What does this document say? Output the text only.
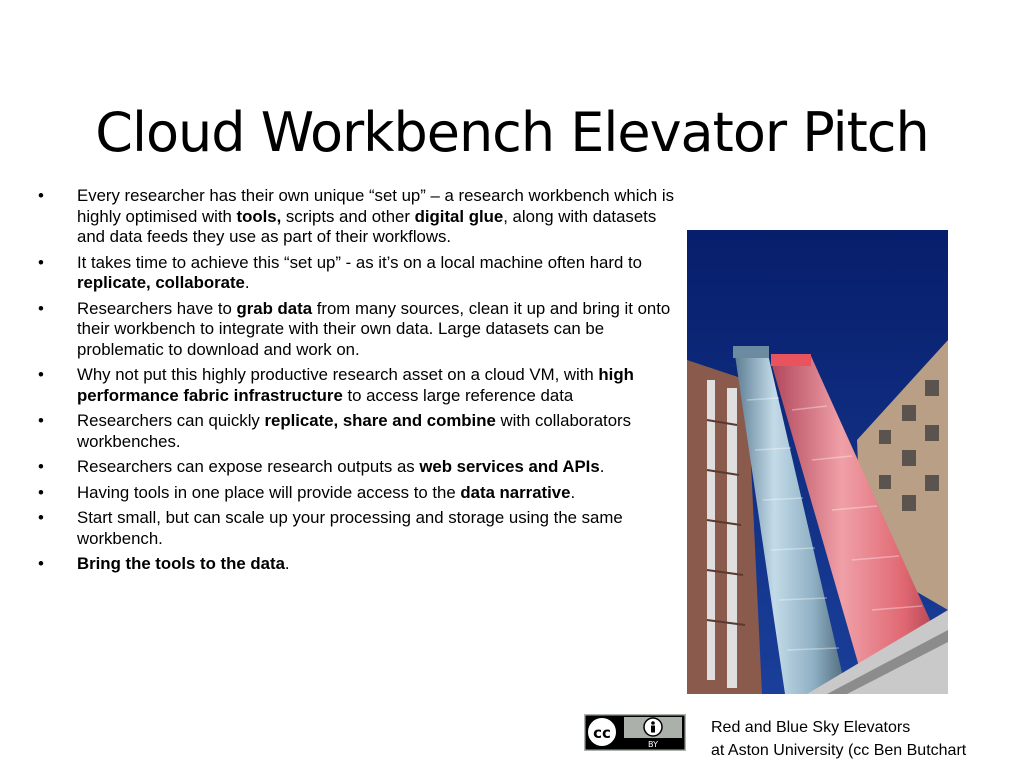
Cloud Workbench Elevator Pitch
• Every researcher has their own unique “set up” – a research workbench which is highly optimised with tools, scripts and other digital glue, along with datasets and data feeds they use as part of their workflows.
• It takes time to achieve this “set up” - as it’s on a local machine often hard to replicate, collaborate.
• Researchers have to grab data from many sources, clean it up and bring it onto their workbench to integrate with their own data. Large datasets can be problematic to download and work on.
• Why not put this highly productive research asset on a cloud VM, with high performance fabric infrastructure to access large reference data
• Researchers can quickly replicate, share and combine with collaborators workbenches.
• Researchers can expose research outputs as web services and APIs.
• Having tools in one place will provide access to the data narrative.
• Start small, but can scale up your processing and storage using the same workbench.
• Bring the tools to the data.
cc
BY
Red and Blue Sky Elevators
at Aston University (cc Ben Butchart
